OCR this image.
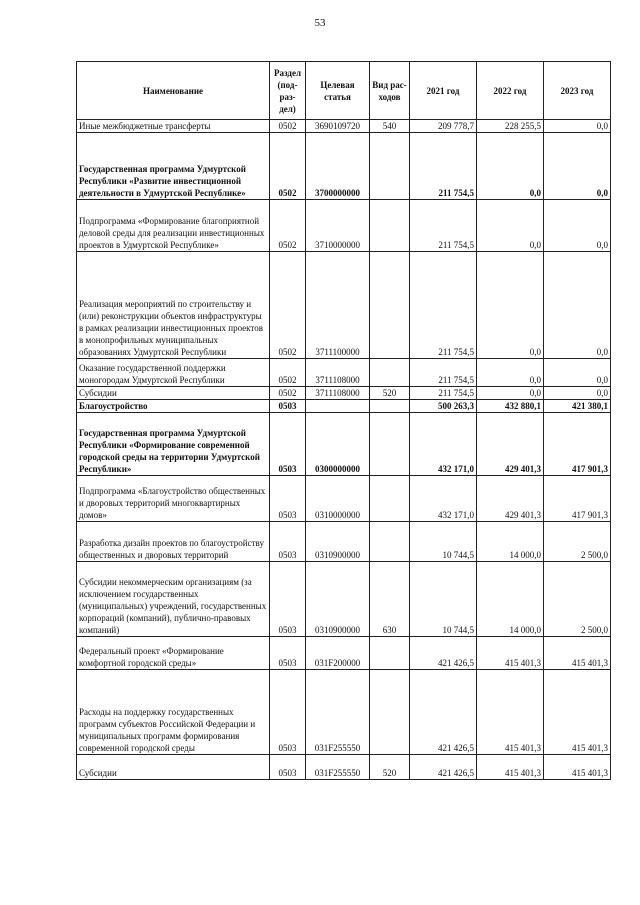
53
Наименование	Раздел (под-раз-дел)	Целевая статья	Вид рас-ходов	2021 год	2022 год	2023 год
Иные межбюджетные трансферты	0502	3690109720	540	209 778,7	228 255,5	0,0
Государственная программа Удмуртской Республики «Развитие инвестиционной деятельности в Удмуртской Республике»	0502	3700000000		211 754,5	0,0	0,0
Подпрограмма «Формирование благоприятной деловой среды для реализации инвестиционных проектов в Удмуртской Республике»	0502	3710000000		211 754,5	0,0	0,0
Реализация мероприятий по строительству и (или) реконструкции объектов инфраструктуры в рамках реализации инвестиционных проектов в монопрофильных муниципальных образованиях Удмуртской Республики	0502	3711100000		211 754,5	0,0	0,0
Оказание государственной поддержки моногородам Удмуртской Республики	0502	3711108000		211 754,5	0,0	0,0
Субсидии	0502	3711108000	520	211 754,5	0,0	0,0
Благоустройство	0503			500 263,3	432 880,1	421 380,1
Государственная программа Удмуртской Республики «Формирование современной городской среды на территории Удмуртской Республики»	0503	0300000000		432 171,0	429 401,3	417 901,3
Подпрограмма «Благоустройство общественных и дворовых территорий многоквартирных домов»	0503	0310000000		432 171,0	429 401,3	417 901,3
Разработка дизайн проектов по благоустройству общественных и дворовых территорий	0503	0310900000		10 744,5	14 000,0	2 500,0
Субсидии некоммерческим организациям (за исключением государственных (муниципальных) учреждений, государственных корпораций (компаний), публично-правовых компаний)	0503	0310900000	630	10 744,5	14 000,0	2 500,0
Федеральный проект «Формирование комфортной городской среды»	0503	031F200000		421 426,5	415 401,3	415 401,3
Расходы на поддержку государственных программ субъектов Российской Федерации и муниципальных программ формирования современной городской среды	0503	031F255550		421 426,5	415 401,3	415 401,3
Субсидии	0503	031F255550	520	421 426,5	415 401,3	415 401,3
